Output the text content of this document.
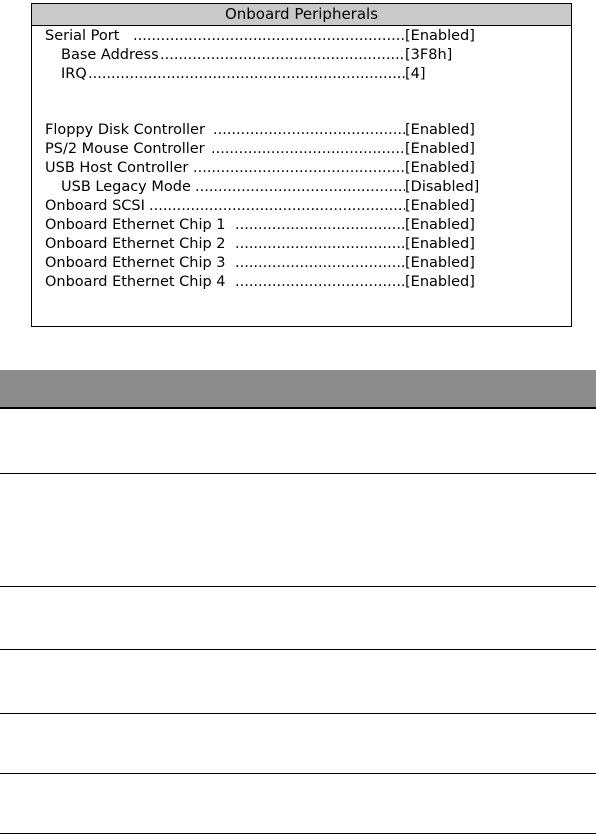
Onboard Peripherals
Serial Port .....	[Enabled]
Base Address .....	[3F8h]
IRQ .....	[4]
Floppy Disk Controller .....	[Enabled]
PS/2 Mouse Controller .....	[Enabled]
USB Host Controller .....	[Enabled]
USB Legacy Mode .....	[Disabled]
Onboard SCSI .....	[Enabled]
Onboard Ethernet Chip 1 .....	[Enabled]
Onboard Ethernet Chip 2 .....	[Enabled]
Onboard Ethernet Chip 3 .....	[Enabled]
Onboard Ethernet Chip 4 .....	[Enabled]
